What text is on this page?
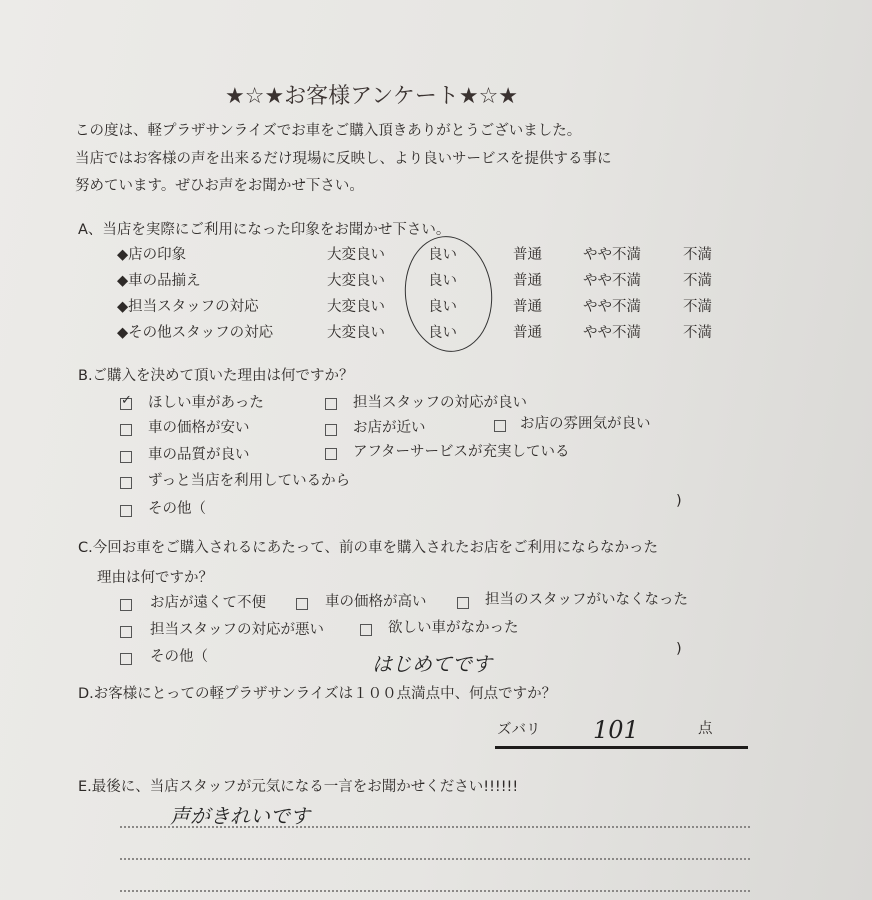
★☆★お客様アンケート★☆★
この度は、軽プラザサンライズでお車をご購入頂きありがとうございました。
当店ではお客様の声を出来るだけ現場に反映し、より良いサービスを提供する事に
努めています。ぜひお声をお聞かせ下さい。
A、当店を実際にご利用になった印象をお聞かせ下さい。
◆店の印象	大変良い	良い	普通	やや不満	不満
◆車の品揃え	大変良い	良い	普通	やや不満	不満
◆担当スタッフの対応	大変良い	良い	普通	やや不満	不満
◆その他スタッフの対応	大変良い	良い	普通	やや不満	不満
B.ご購入を決めて頂いた理由は何ですか？
✓
ほしい車があった	担当スタッフの対応が良い
車の価格が安い	お店が近い	お店の雰囲気が良い
車の品質が良い	アフターサービスが充実している
ずっと当店を利用しているから
その他（	)
C.今回お車をご購入されるにあたって、前の車を購入されたお店をご利用にならなかった
理由は何ですか？
お店が遠くて不便	車の価格が高い	担当のスタッフがいなくなった
担当スタッフの対応が悪い	欲しい車がなかった
その他（	)
はじめてです
D.お客様にとっての軽プラザサンライズは１００点満点中、何点ですか？
ズバリ 101	点
E.最後に、当店スタッフが元気になる一言をお聞かせください!!!!!!
声がきれいです
